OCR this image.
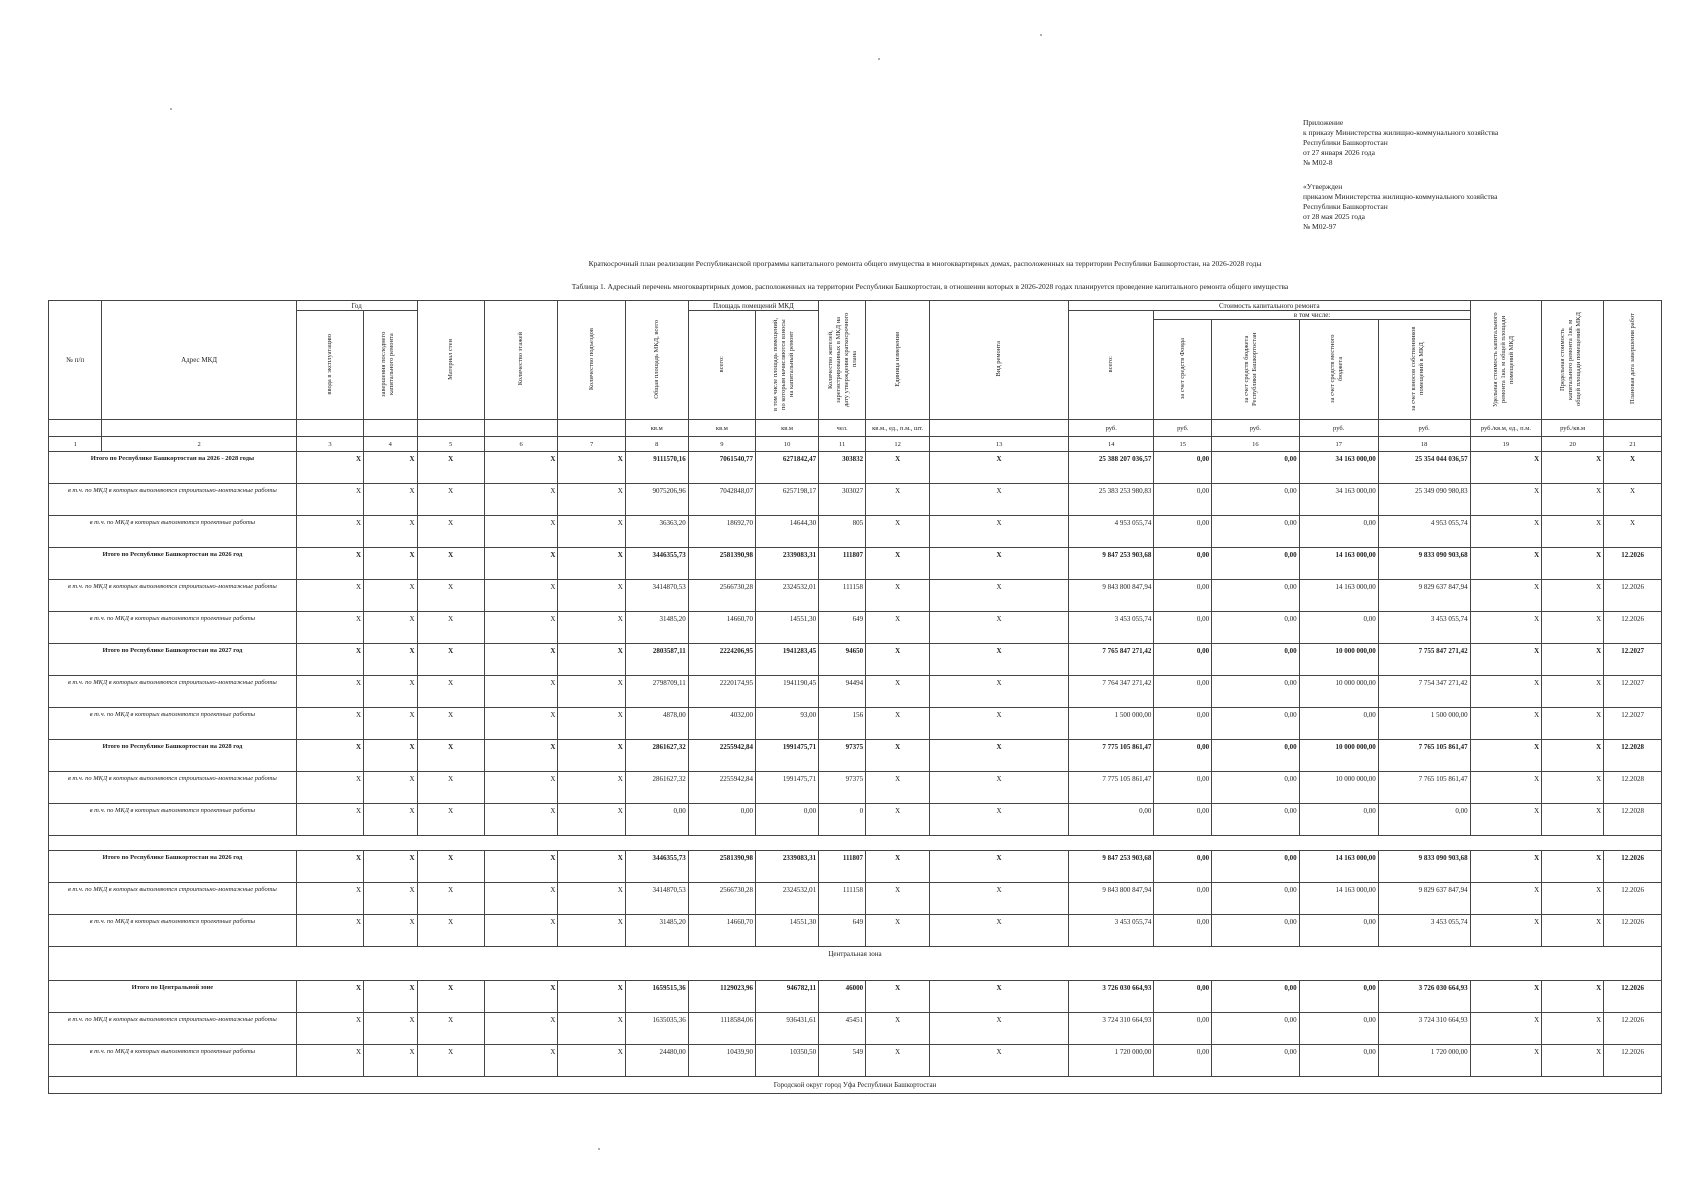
Приложение
к приказу Министерства жилищно-коммунального хозяйства
Республики Башкортостан
от 27 января 2026 года
№ М02-8
«Утвержден
приказом Министерства жилищно-коммунального хозяйства
Республики Башкортостан
от 28 мая 2025 года
№ М02-97
Краткосрочный план реализации Республиканской программы капитального ремонта общего имущества в многоквартирных домах, расположенных на территории Республики Башкортостан, на 2026-2028 годы
Таблица 1. Адресный перечень многоквартирных домов, расположенных на территории Республики Башкортостан, в отношении которых в 2026-2028 годах планируется проведение капитального ремонта общего имущества
№ п/п	Адрес МКД	Год		Материал стен	Количество этажей	Количество подъездов	Общая площадь МКД, всего	Площадь помещений МКД		Количество жителей, зарегистрированных в МКД на дату утверждения краткосрочного плана	Единица измерения	Вид ремонта	Стоимость капитального ремонта					Удельная стоимость капитального ремонта 1кв. м общей площади помещений МКД	Предельная стоимость капитального ремонта 1кв. м общей площади помещений МКД	Плановая дата завершения работ
		ввода в эксплуатацию	завершения последнего капитального ремонта					всего:	в том числе площадь помещений, по которым начисляются взносы на капитальный ремонт				всего:	в том числе:						
														за счет средств Фонда	за счет средств бюджета Республики Башкортостан	за счет средств местного бюджета	за счет взносов собственников помещений в МКД			
							кв.м	кв.м	кв.м	чел.	кв.м., ед., п.м., шт.		руб.	руб.	руб.	руб.	руб.	руб./кв.м, ед., п.м.	руб./кв.м	
1	2	3	4	5	6	7	8	9	10	11	12	13	14	15	16	17	18	19	20	21
Итого по Республике Башкортостан на 2026 - 2028 годы		X	X	X	X	X	9111570,16	7061540,77	6271842,47	303832	X	X	25 388 207 036,57	0,00	0,00	34 163 000,00	25 354 044 036,57	X	X	X
в т.ч. по МКД в которых выполняются строительно-монтажные работы		X	X	X	X	X	9075206,96	7042848,07	6257198,17	303027	X	X	25 383 253 980,83	0,00	0,00	34 163 000,00	25 349 090 980,83	X	X	X
в т.ч. по МКД в которых выполняются проектные работы		X	X	X	X	X	36363,20	18692,70	14644,30	805	X	X	4 953 055,74	0,00	0,00	0,00	4 953 055,74	X	X	X
Итого по Республике Башкортостан на 2026 год		X	X	X	X	X	3446355,73	2581390,98	2339083,31	111807	X	X	9 847 253 903,68	0,00	0,00	14 163 000,00	9 833 090 903,68	X	X	12.2026
в т.ч. по МКД в которых выполняются строительно-монтажные работы		X	X	X	X	X	3414870,53	2566730,28	2324532,01	111158	X	X	9 843 800 847,94	0,00	0,00	14 163 000,00	9 829 637 847,94	X	X	12.2026
в т.ч. по МКД в которых выполняются проектные работы		X	X	X	X	X	31485,20	14660,70	14551,30	649	X	X	3 453 055,74	0,00	0,00	0,00	3 453 055,74	X	X	12.2026
Итого по Республике Башкортостан на 2027 год		X	X	X	X	X	2803587,11	2224206,95	1941283,45	94650	X	X	7 765 847 271,42	0,00	0,00	10 000 000,00	7 755 847 271,42	X	X	12.2027
в т.ч. по МКД в которых выполняются строительно-монтажные работы		X	X	X	X	X	2798709,11	2220174,95	1941190,45	94494	X	X	7 764 347 271,42	0,00	0,00	10 000 000,00	7 754 347 271,42	X	X	12.2027
в т.ч. по МКД в которых выполняются проектные работы		X	X	X	X	X	4878,00	4032,00	93,00	156	X	X	1 500 000,00	0,00	0,00	0,00	1 500 000,00	X	X	12.2027
Итого по Республике Башкортостан на 2028 год		X	X	X	X	X	2861627,32	2255942,84	1991475,71	97375	X	X	7 775 105 861,47	0,00	0,00	10 000 000,00	7 765 105 861,47	X	X	12.2028
в т.ч. по МКД в которых выполняются строительно-монтажные работы		X	X	X	X	X	2861627,32	2255942,84	1991475,71	97375	X	X	7 775 105 861,47	0,00	0,00	10 000 000,00	7 765 105 861,47	X	X	12.2028
в т.ч. по МКД в которых выполняются проектные работы		X	X	X	X	X	0,00	0,00	0,00	0	X	X	0,00	0,00	0,00	0,00	0,00	X	X	12.2028

Итого по Республике Башкортостан на 2026 год		X	X	X	X	X	3446355,73	2581390,98	2339083,31	111807	X	X	9 847 253 903,68	0,00	0,00	14 163 000,00	9 833 090 903,68	X	X	12.2026
в т.ч. по МКД в которых выполняются строительно-монтажные работы		X	X	X	X	X	3414870,53	2566730,28	2324532,01	111158	X	X	9 843 800 847,94	0,00	0,00	14 163 000,00	9 829 637 847,94	X	X	12.2026
в т.ч. по МКД в которых выполняются проектные работы		X	X	X	X	X	31485,20	14660,70	14551,30	649	X	X	3 453 055,74	0,00	0,00	0,00	3 453 055,74	X	X	12.2026
Центральная зона																				
Итого по Центральной зоне		X	X	X	X	X	1659515,36	1129023,96	946782,11	46000	X	X	3 726 030 664,93	0,00	0,00	0,00	3 726 030 664,93	X	X	12.2026
в т.ч. по МКД в которых выполняются строительно-монтажные работы		X	X	X	X	X	1635035,36	1118584,06	936431,61	45451	X	X	3 724 310 664,93	0,00	0,00	0,00	3 724 310 664,93	X	X	12.2026
в т.ч. по МКД в которых выполняются проектные работы		X	X	X	X	X	24480,00	10439,90	10350,50	549	X	X	1 720 000,00	0,00	0,00	0,00	1 720 000,00	X	X	12.2026
Городской округ город Уфа Республики Башкортостан																				
